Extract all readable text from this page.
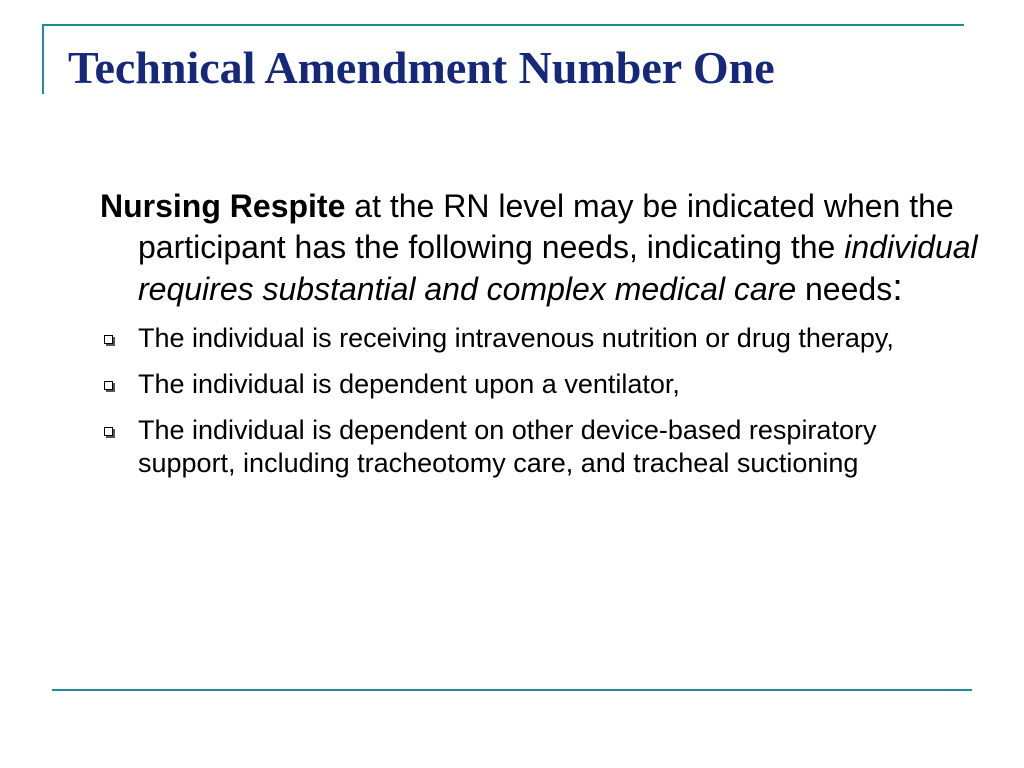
Technical Amendment Number One

Nursing Respite at the RN level may be indicated when the participant has the following needs, indicating the individual requires substantial and complex medical care needs:

The individual is receiving intravenous nutrition or drug therapy,
The individual is dependent upon a ventilator,
The individual is dependent on other device-based respiratory support, including tracheotomy care, and tracheal suctioning
